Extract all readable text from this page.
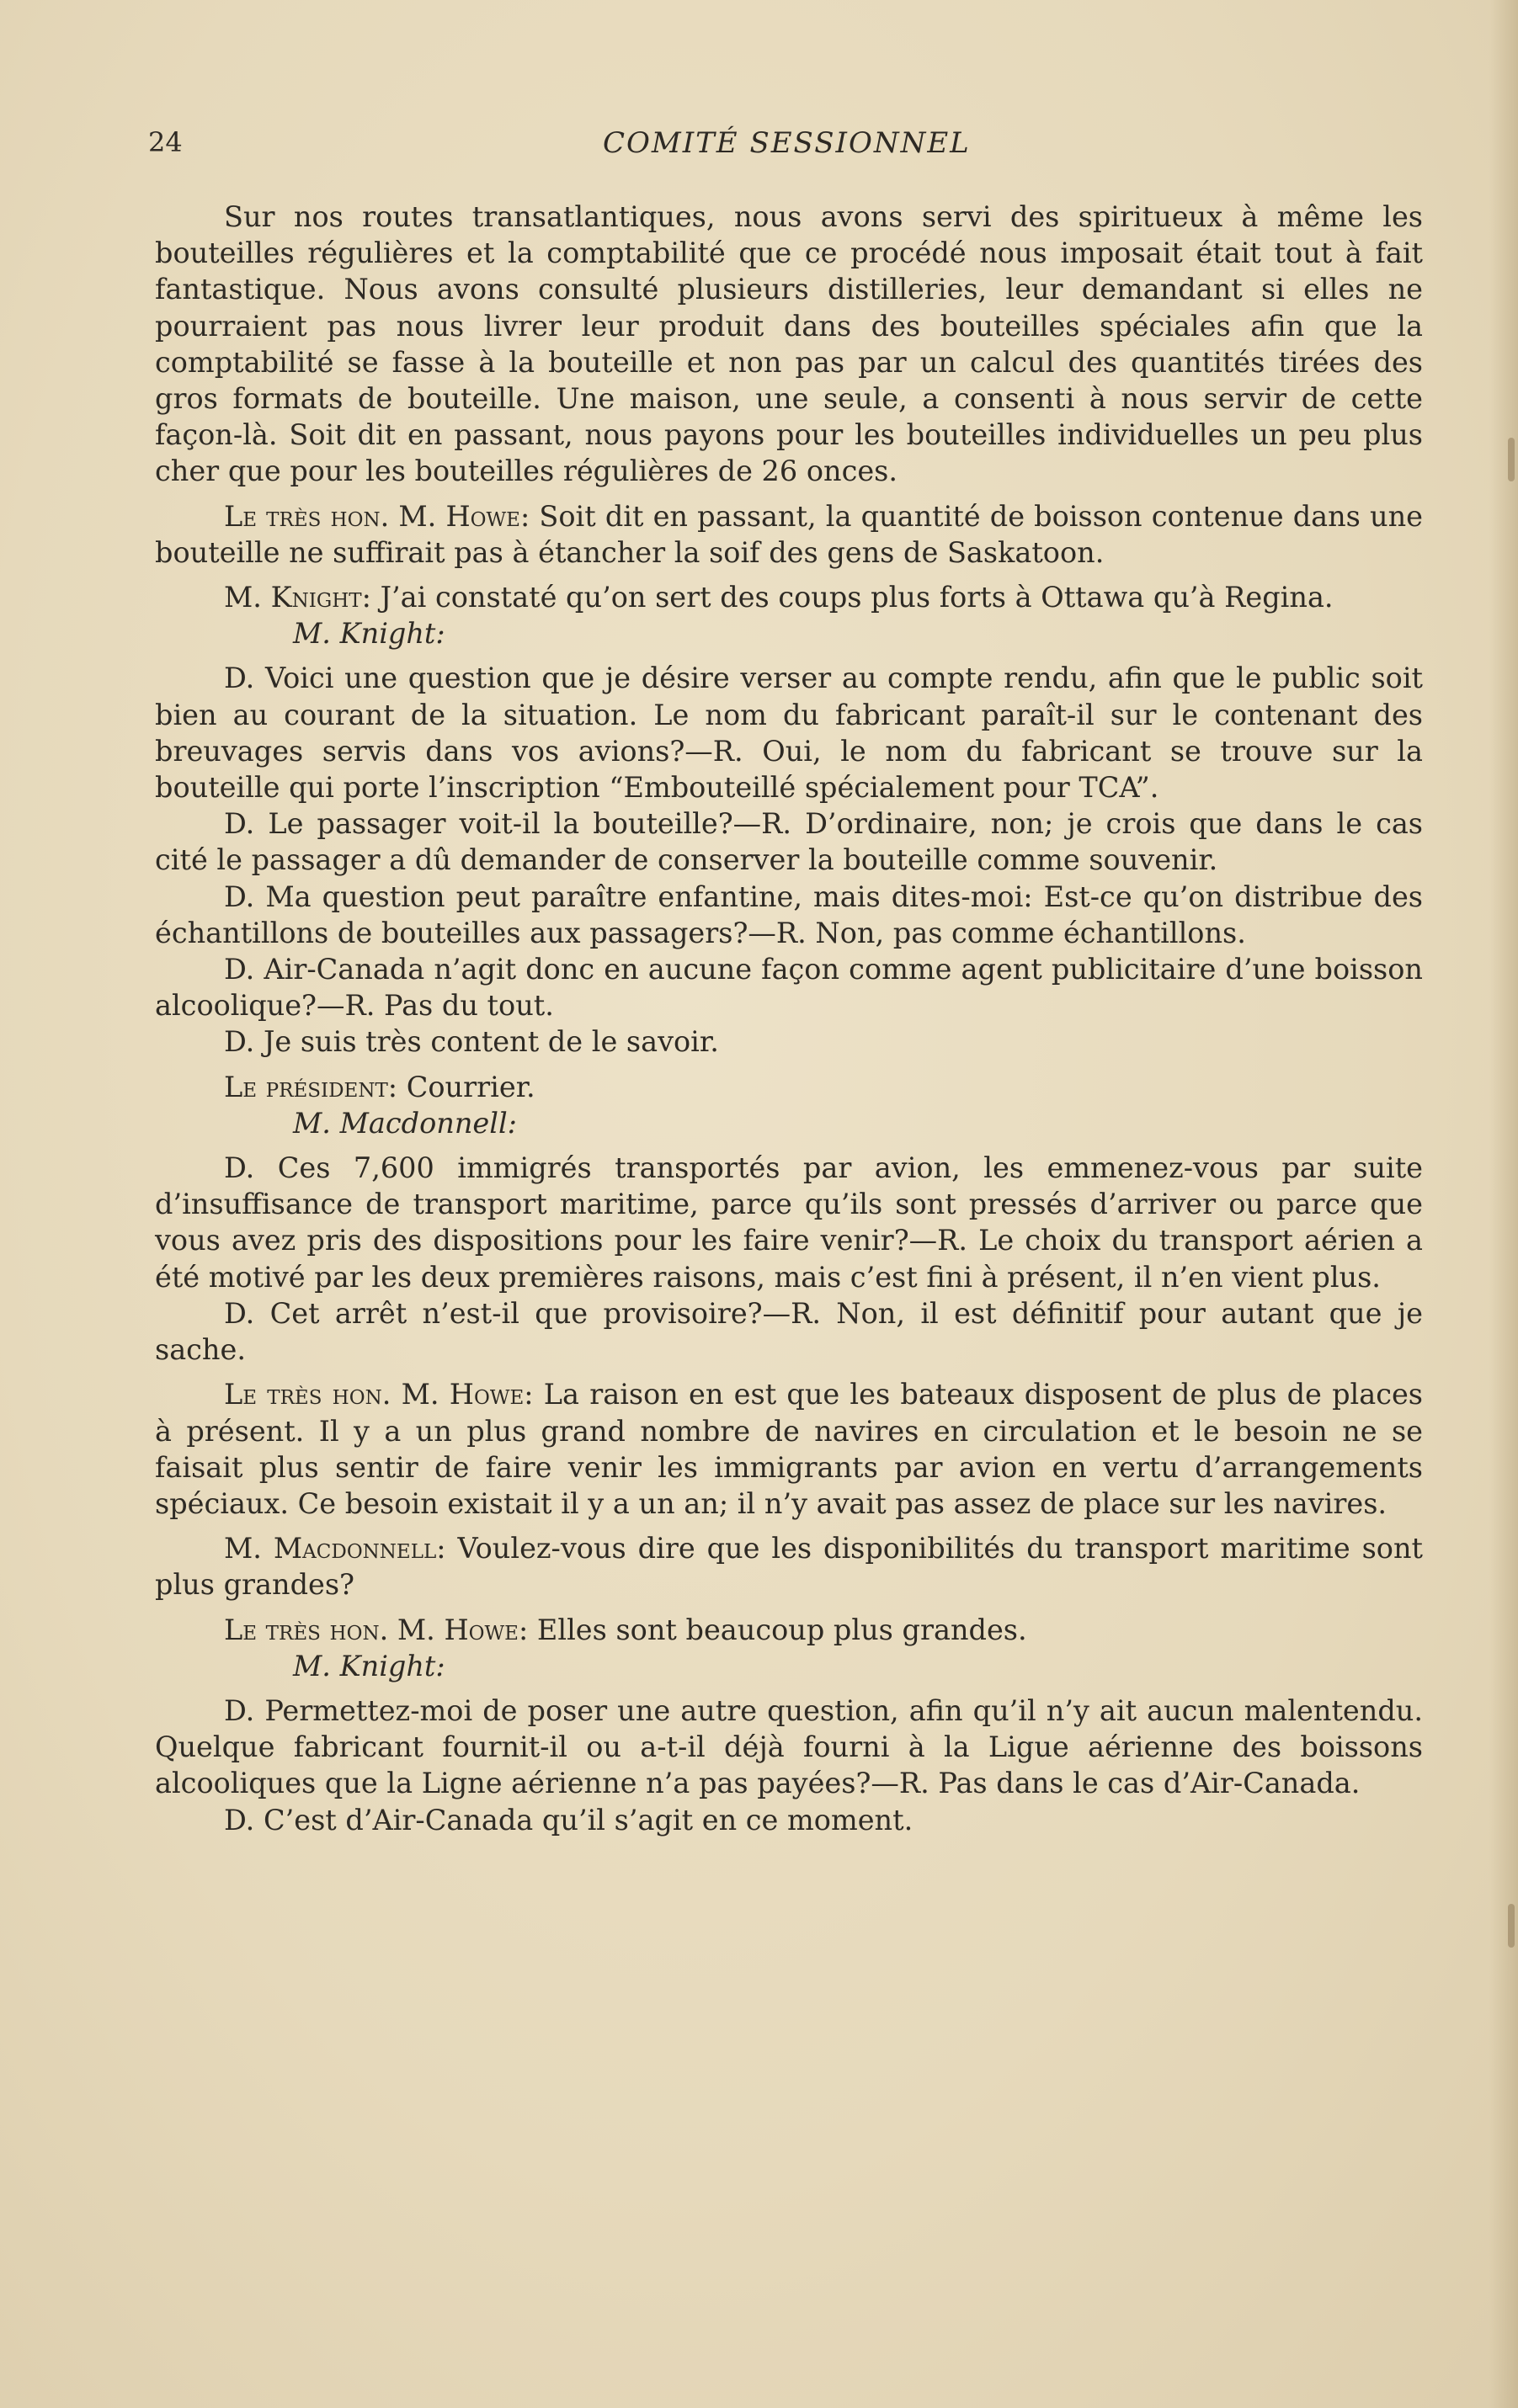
24	COMITÉ SESSIONNEL

Sur nos routes transatlantiques, nous avons servi des spiritueux à même les bouteilles régulières et la comptabilité que ce procédé nous imposait était tout à fait fantastique. Nous avons consulté plusieurs distilleries, leur demandant si elles ne pourraient pas nous livrer leur produit dans des bouteilles spéciales afin que la comptabilité se fasse à la bouteille et non pas par un calcul des quantités tirées des gros formats de bouteille. Une maison, une seule, a consenti à nous servir de cette façon-là. Soit dit en passant, nous payons pour les bouteilles individuelles un peu plus cher que pour les bouteilles régulières de 26 onces.

Le très hon. M. Howe: Soit dit en passant, la quantité de boisson contenue dans une bouteille ne suffirait pas à étancher la soif des gens de Saskatoon.

M. Knight: J’ai constaté qu’on sert des coups plus forts à Ottawa qu’à Regina.

M. Knight:

D. Voici une question que je désire verser au compte rendu, afin que le public soit bien au courant de la situation. Le nom du fabricant paraît-il sur le contenant des breuvages servis dans vos avions?—R. Oui, le nom du fabricant se trouve sur la bouteille qui porte l’inscription “Embouteillé spécialement pour TCA”.

D. Le passager voit-il la bouteille?—R. D’ordinaire, non; je crois que dans le cas cité le passager a dû demander de conserver la bouteille comme souvenir.

D. Ma question peut paraître enfantine, mais dites-moi: Est-ce qu’on distribue des échantillons de bouteilles aux passagers?—R. Non, pas comme échantillons.

D. Air-Canada n’agit donc en aucune façon comme agent publicitaire d’une boisson alcoolique?—R. Pas du tout.

D. Je suis très content de le savoir.

Le président: Courrier.

M. Macdonnell:

D. Ces 7,600 immigrés transportés par avion, les emmenez-vous par suite d’insuffisance de transport maritime, parce qu’ils sont pressés d’arriver ou parce que vous avez pris des dispositions pour les faire venir?—R. Le choix du transport aérien a été motivé par les deux premières raisons, mais c’est fini à présent, il n’en vient plus.

D. Cet arrêt n’est-il que provisoire?—R. Non, il est définitif pour autant que je sache.

Le très hon. M. Howe: La raison en est que les bateaux disposent de plus de places à présent. Il y a un plus grand nombre de navires en circulation et le besoin ne se faisait plus sentir de faire venir les immigrants par avion en vertu d’arrangements spéciaux. Ce besoin existait il y a un an; il n’y avait pas assez de place sur les navires.

M. Macdonnell: Voulez-vous dire que les disponibilités du transport maritime sont plus grandes?

Le très hon. M. Howe: Elles sont beaucoup plus grandes.

M. Knight:

D. Permettez-moi de poser une autre question, afin qu’il n’y ait aucun malentendu. Quelque fabricant fournit-il ou a-t-il déjà fourni à la Ligue aérienne des boissons alcooliques que la Ligne aérienne n’a pas payées?—R. Pas dans le cas d’Air-Canada.

D. C’est d’Air-Canada qu’il s’agit en ce moment.
